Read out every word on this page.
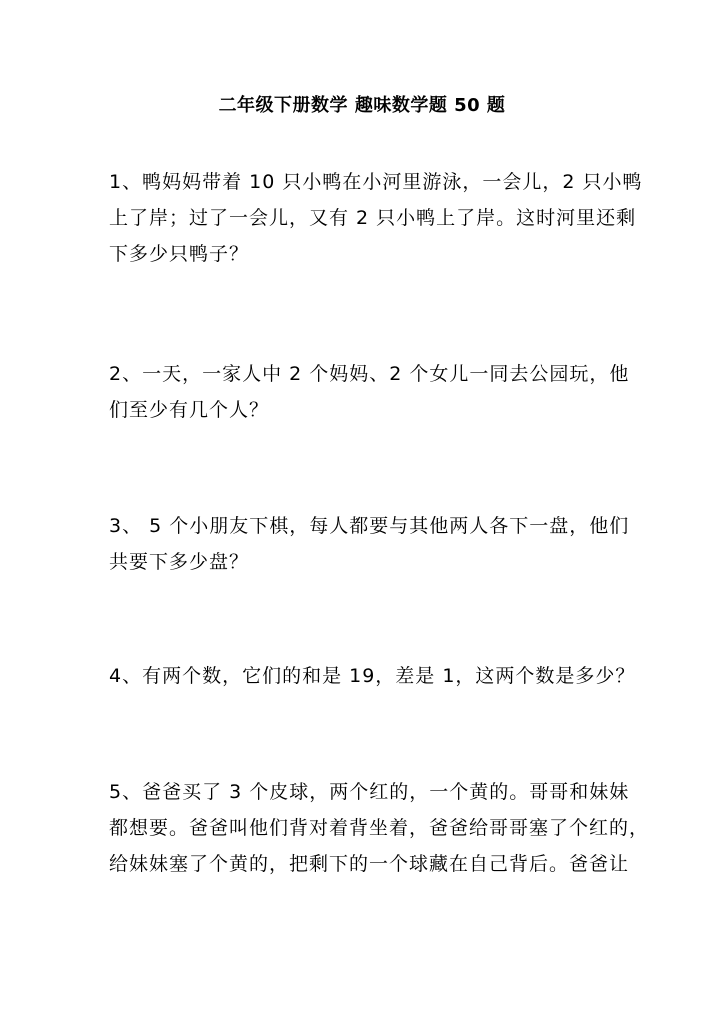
二年级下册数学 趣味数学题 50 题
1、鸭妈妈带着 10 只小鸭在小河里游泳，一会儿，2 只小鸭
上了岸；过了一会儿，又有 2 只小鸭上了岸。这时河里还剩
下多少只鸭子？
2、一天，一家人中 2 个妈妈、2 个女儿一同去公园玩，他
们至少有几个人？
3、 5 个小朋友下棋，每人都要与其他两人各下一盘，他们
共要下多少盘？
4、有两个数，它们的和是 19，差是 1，这两个数是多少？
5、爸爸买了 3 个皮球，两个红的，一个黄的。哥哥和妹妹
都想要。爸爸叫他们背对着背坐着，爸爸给哥哥塞了个红的，
给妹妹塞了个黄的，把剩下的一个球藏在自己背后。爸爸让
